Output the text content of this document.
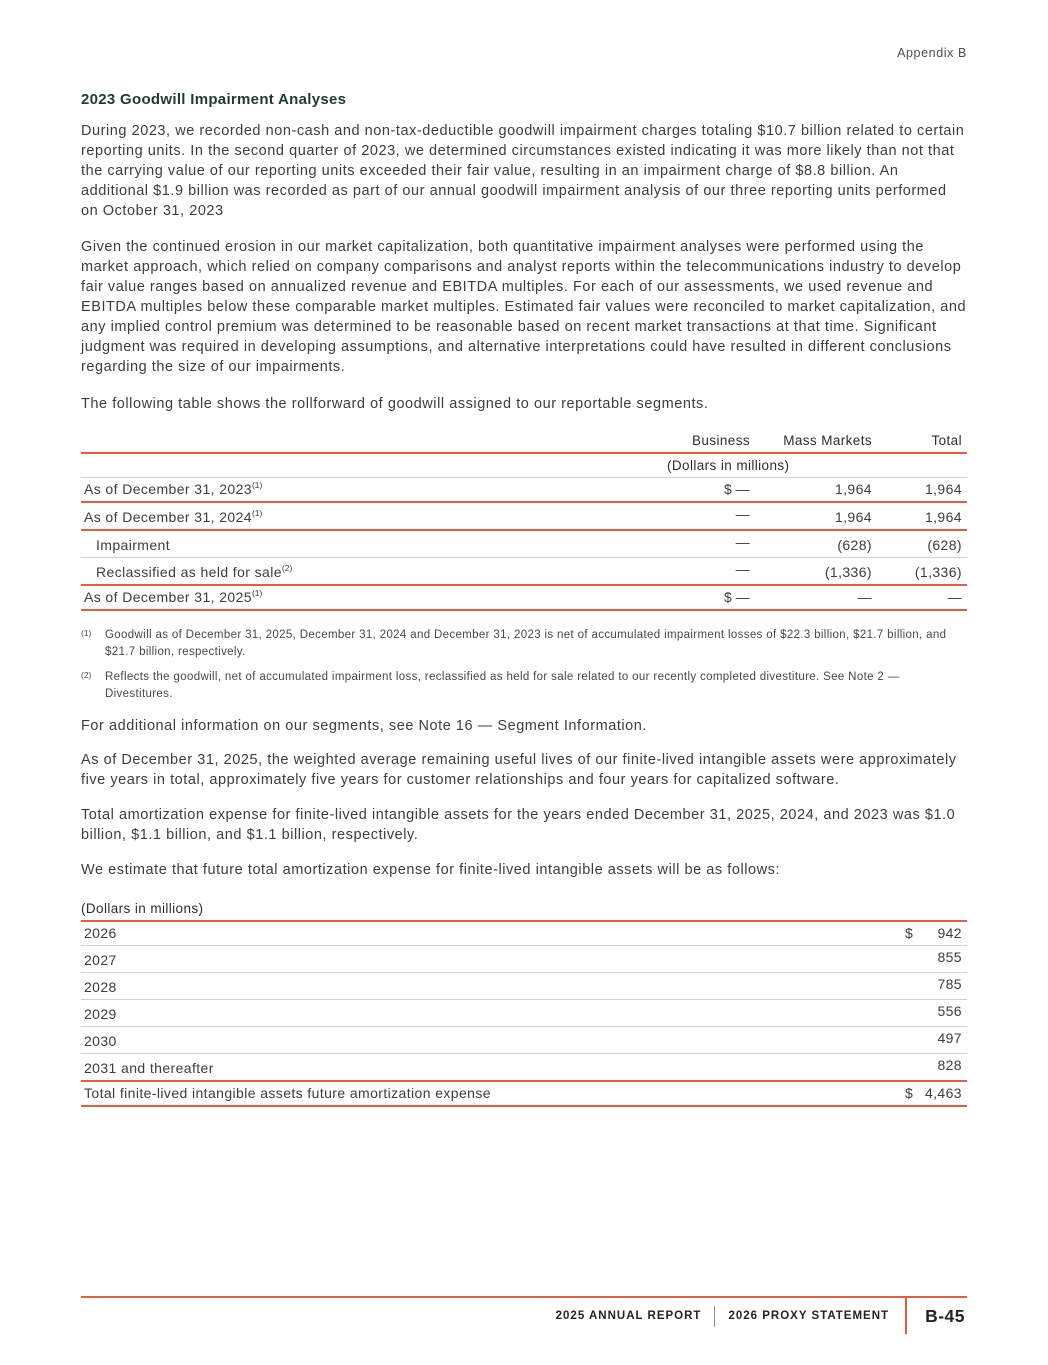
Appendix B
2023 Goodwill Impairment Analyses

During 2023, we recorded non-cash and non-tax-deductible goodwill impairment charges totaling $10.7 billion related to certain reporting units. In the second quarter of 2023, we determined circumstances existed indicating it was more likely than not that the carrying value of our reporting units exceeded their fair value, resulting in an impairment charge of $8.8 billion. An additional $1.9 billion was recorded as part of our annual goodwill impairment analysis of our three reporting units performed on October 31, 2023

Given the continued erosion in our market capitalization, both quantitative impairment analyses were performed using the market approach, which relied on company comparisons and analyst reports within the telecommunications industry to develop fair value ranges based on annualized revenue and EBITDA multiples. For each of our assessments, we used revenue and EBITDA multiples below these comparable market multiples. Estimated fair values were reconciled to market capitalization, and any implied control premium was determined to be reasonable based on recent market transactions at that time. Significant judgment was required in developing assumptions, and alternative interpretations could have resulted in different conclusions regarding the size of our impairments.

The following table shows the rollforward of goodwill assigned to our reportable segments.

	Business	Mass Markets	Total
	(Dollars in millions)		
As of December 31, 2023$^{(1)}$	$ —	1,964	1,964
As of December 31, 2024$^{(1)}$	—	1,964	1,964
Impairment	—	(628)	(628)
Reclassified as held for sale$^{(2)}$	—	(1,336)	(1,336)
As of December 31, 2025$^{(1)}$	$ —	—	—
(1)	Goodwill as of December 31, 2025, December 31, 2024 and December 31, 2023 is net of accumulated impairment losses of $22.3 billion, $21.7 billion, and $21.7 billion, respectively.
(2)	Reflects the goodwill, net of accumulated impairment loss, reclassified as held for sale related to our recently completed divestiture. See Note 2 — Divestitures.

For additional information on our segments, see Note 16 — Segment Information.

As of December 31, 2025, the weighted average remaining useful lives of our finite-lived intangible assets were approximately five years in total, approximately five years for customer relationships and four years for capitalized software.

Total amortization expense for finite-lived intangible assets for the years ended December 31, 2025, 2024, and 2023 was $1.0 billion, $1.1 billion, and $1.1 billion, respectively.

We estimate that future total amortization expense for finite-lived intangible assets will be as follows:

(Dollars in millions)	
2026	$ 942

2027	855

2028	785

2029	556

2030	497

2031 and thereafter	828

Total finite-lived intangible assets future amortization expense	$ 4,463
2025 ANNUAL REPORT 2026 PROXY STATEMENT B-45
